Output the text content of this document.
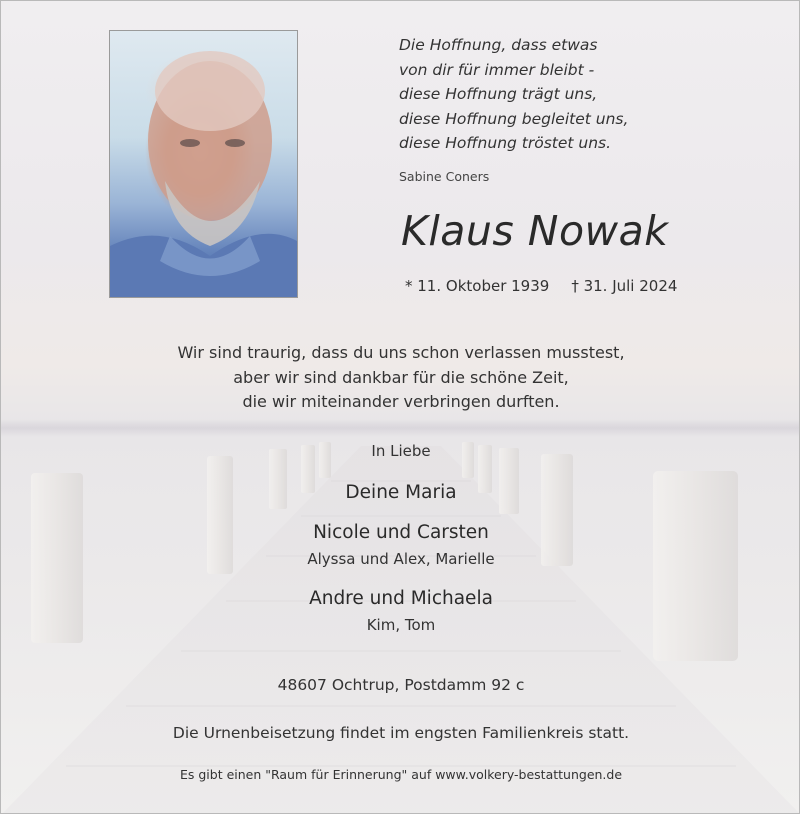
Die Hoffnung, dass etwas
von dir für immer bleibt -
diese Hoffnung trägt uns,
diese Hoffnung begleitet uns,
diese Hoffnung tröstet uns.
Sabine Coners
Klaus Nowak
* 11. Oktober 1939 † 31. Juli 2024
Wir sind traurig, dass du uns schon verlassen musstest,
aber wir sind dankbar für die schöne Zeit,
die wir miteinander verbringen durften.
In Liebe
Deine Maria
Nicole und Carsten
Alyssa und Alex, Marielle
Andre und Michaela
Kim, Tom
48607 Ochtrup, Postdamm 92 c
Die Urnenbeisetzung findet im engsten Familienkreis statt.
Es gibt einen "Raum für Erinnerung" auf www.volkery-bestattungen.de
